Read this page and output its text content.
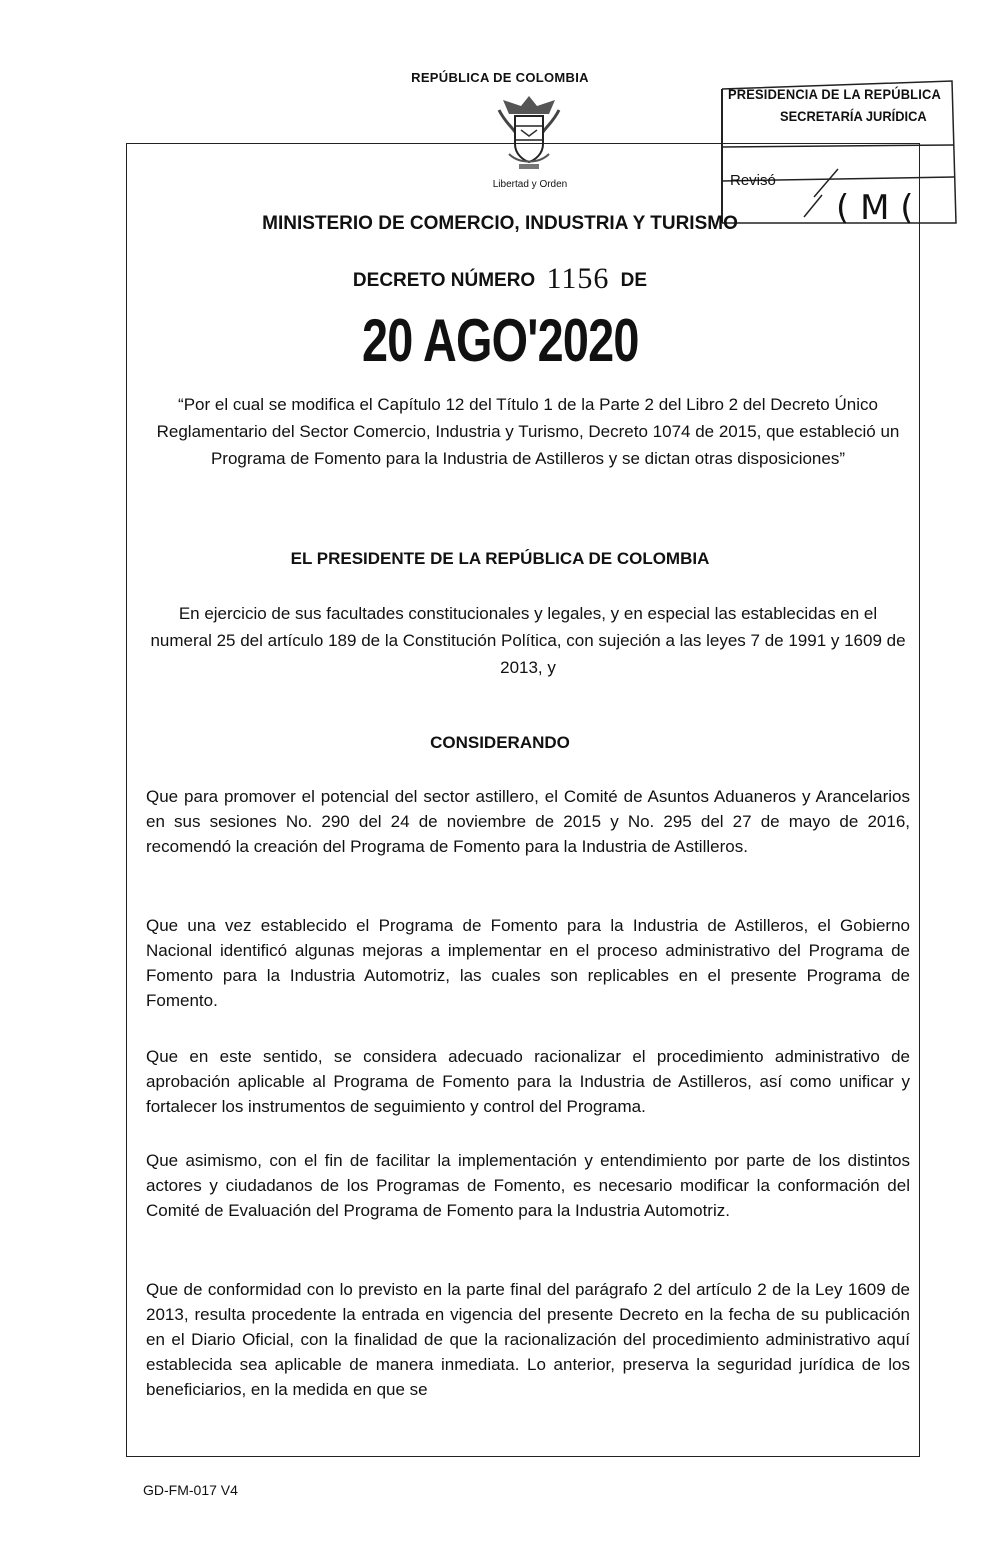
REPÚBLICA DE COLOMBIA
Libertad y Orden
PRESIDENCIA DE LA REPÚBLICA
SECRETARÍA JURÍDICA
Revisó
( M (
MINISTERIO DE COMERCIO, INDUSTRIA Y TURISMO
DECRETO NÚMERO 1156 DE
20 AGO'2020
“Por el cual se modifica el Capítulo 12 del Título 1 de la Parte 2 del Libro 2 del Decreto Único Reglamentario del Sector Comercio, Industria y Turismo, Decreto 1074 de 2015, que estableció un Programa de Fomento para la Industria de Astilleros y se dictan otras disposiciones”
EL PRESIDENTE DE LA REPÚBLICA DE COLOMBIA
En ejercicio de sus facultades constitucionales y legales, y en especial las establecidas en el numeral 25 del artículo 189 de la Constitución Política, con sujeción a las leyes 7 de 1991 y 1609 de 2013, y
CONSIDERANDO

Que para promover el potencial del sector astillero, el Comité de Asuntos Aduaneros y Arancelarios en sus sesiones No. 290 del 24 de noviembre de 2015 y No. 295 del 27 de mayo de 2016, recomendó la creación del Programa de Fomento para la Industria de Astilleros.

Que una vez establecido el Programa de Fomento para la Industria de Astilleros, el Gobierno Nacional identificó algunas mejoras a implementar en el proceso administrativo del Programa de Fomento para la Industria Automotriz, las cuales son replicables en el presente Programa de Fomento.

Que en este sentido, se considera adecuado racionalizar el procedimiento administrativo de aprobación aplicable al Programa de Fomento para la Industria de Astilleros, así como unificar y fortalecer los instrumentos de seguimiento y control del Programa.

Que asimismo, con el fin de facilitar la implementación y entendimiento por parte de los distintos actores y ciudadanos de los Programas de Fomento, es necesario modificar la conformación del Comité de Evaluación del Programa de Fomento para la Industria Automotriz.

Que de conformidad con lo previsto en la parte final del parágrafo 2 del artículo 2 de la Ley 1609 de 2013, resulta procedente la entrada en vigencia del presente Decreto en la fecha de su publicación en el Diario Oficial, con la finalidad de que la racionalización del procedimiento administrativo aquí establecida sea aplicable de manera inmediata. Lo anterior, preserva la seguridad jurídica de los beneficiarios, en la medida en que se

GD-FM-017 V4
